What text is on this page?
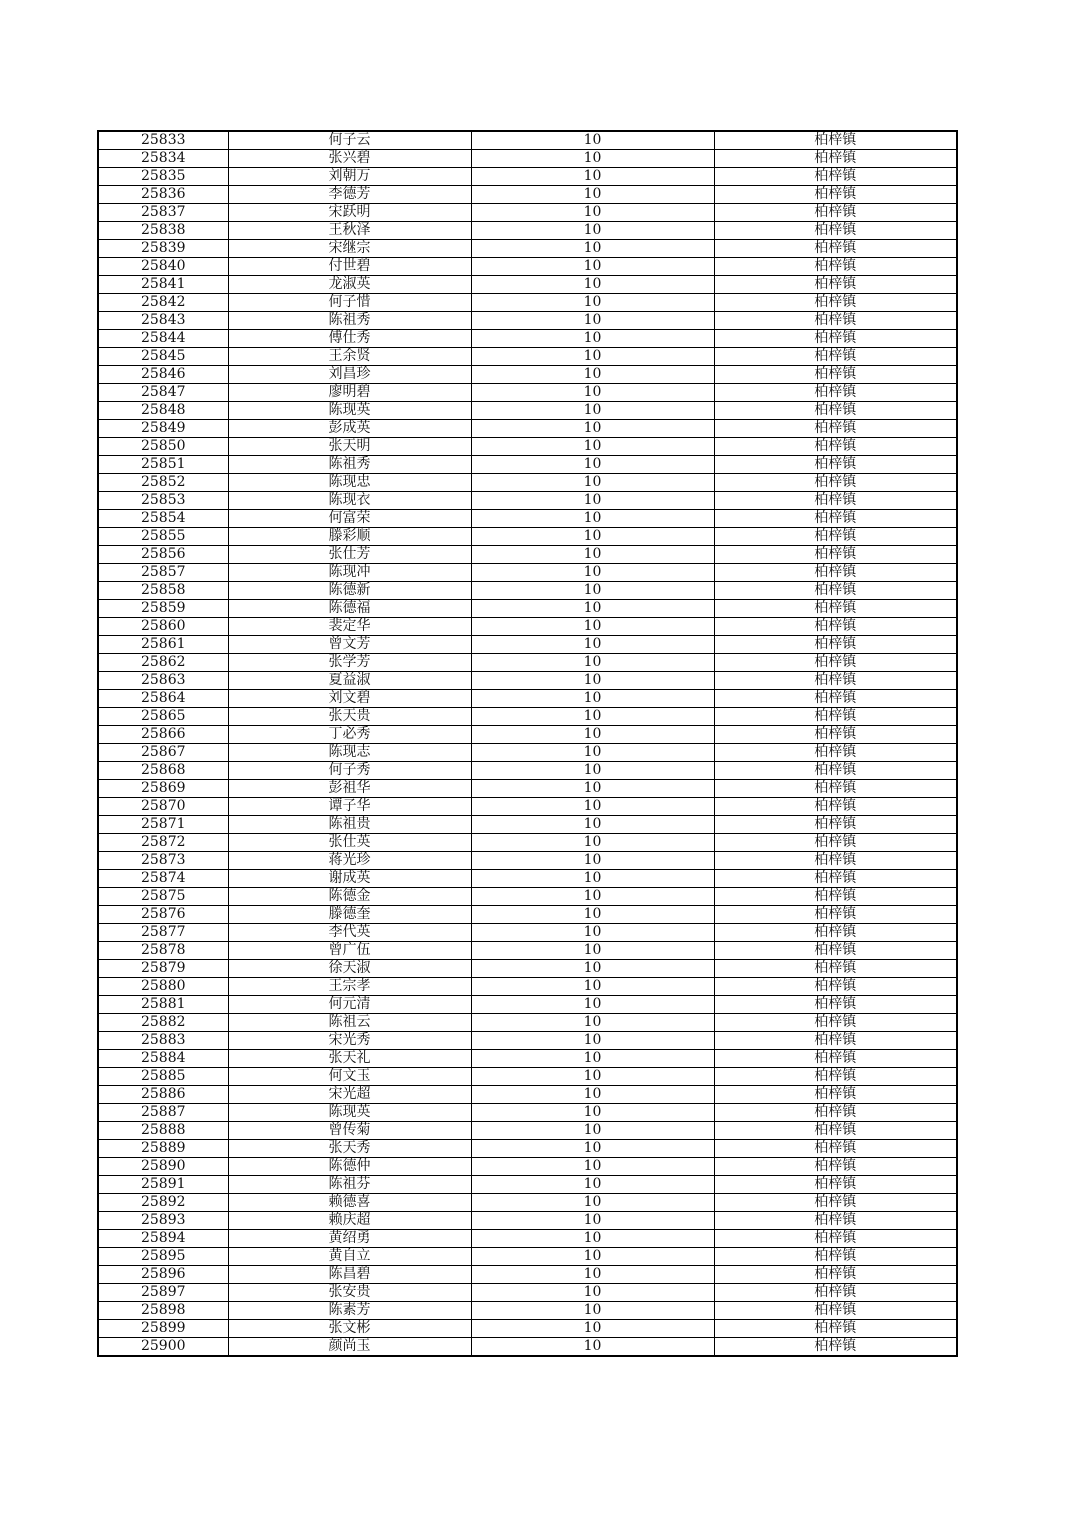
25833	何子云	10	柏梓镇
25834	张兴碧	10	柏梓镇
25835	刘朝万	10	柏梓镇
25836	李德芳	10	柏梓镇
25837	宋跃明	10	柏梓镇
25838	王秋泽	10	柏梓镇
25839	宋继宗	10	柏梓镇
25840	付世碧	10	柏梓镇
25841	龙淑英	10	柏梓镇
25842	何子惜	10	柏梓镇
25843	陈祖秀	10	柏梓镇
25844	傅仕秀	10	柏梓镇
25845	王余贤	10	柏梓镇
25846	刘昌珍	10	柏梓镇
25847	廖明碧	10	柏梓镇
25848	陈现英	10	柏梓镇
25849	彭成英	10	柏梓镇
25850	张天明	10	柏梓镇
25851	陈祖秀	10	柏梓镇
25852	陈现忠	10	柏梓镇
25853	陈现衣	10	柏梓镇
25854	何富荣	10	柏梓镇
25855	滕彩顺	10	柏梓镇
25856	张仕芳	10	柏梓镇
25857	陈现冲	10	柏梓镇
25858	陈德新	10	柏梓镇
25859	陈德福	10	柏梓镇
25860	裴定华	10	柏梓镇
25861	曾文芳	10	柏梓镇
25862	张学芳	10	柏梓镇
25863	夏益淑	10	柏梓镇
25864	刘文碧	10	柏梓镇
25865	张天贵	10	柏梓镇
25866	丁必秀	10	柏梓镇
25867	陈现志	10	柏梓镇
25868	何子秀	10	柏梓镇
25869	彭祖华	10	柏梓镇
25870	谭子华	10	柏梓镇
25871	陈祖贵	10	柏梓镇
25872	张仕英	10	柏梓镇
25873	蒋光珍	10	柏梓镇
25874	谢成英	10	柏梓镇
25875	陈德金	10	柏梓镇
25876	滕德奎	10	柏梓镇
25877	李代英	10	柏梓镇
25878	曾广伍	10	柏梓镇
25879	徐天淑	10	柏梓镇
25880	王宗孝	10	柏梓镇
25881	何元清	10	柏梓镇
25882	陈祖云	10	柏梓镇
25883	宋光秀	10	柏梓镇
25884	张天礼	10	柏梓镇
25885	何文玉	10	柏梓镇
25886	宋光超	10	柏梓镇
25887	陈现英	10	柏梓镇
25888	曾传菊	10	柏梓镇
25889	张天秀	10	柏梓镇
25890	陈德仲	10	柏梓镇
25891	陈祖芬	10	柏梓镇
25892	赖德喜	10	柏梓镇
25893	赖庆超	10	柏梓镇
25894	黄绍勇	10	柏梓镇
25895	黄自立	10	柏梓镇
25896	陈昌碧	10	柏梓镇
25897	张安贵	10	柏梓镇
25898	陈素芳	10	柏梓镇
25899	张文彬	10	柏梓镇
25900	颜尚玉	10	柏梓镇
